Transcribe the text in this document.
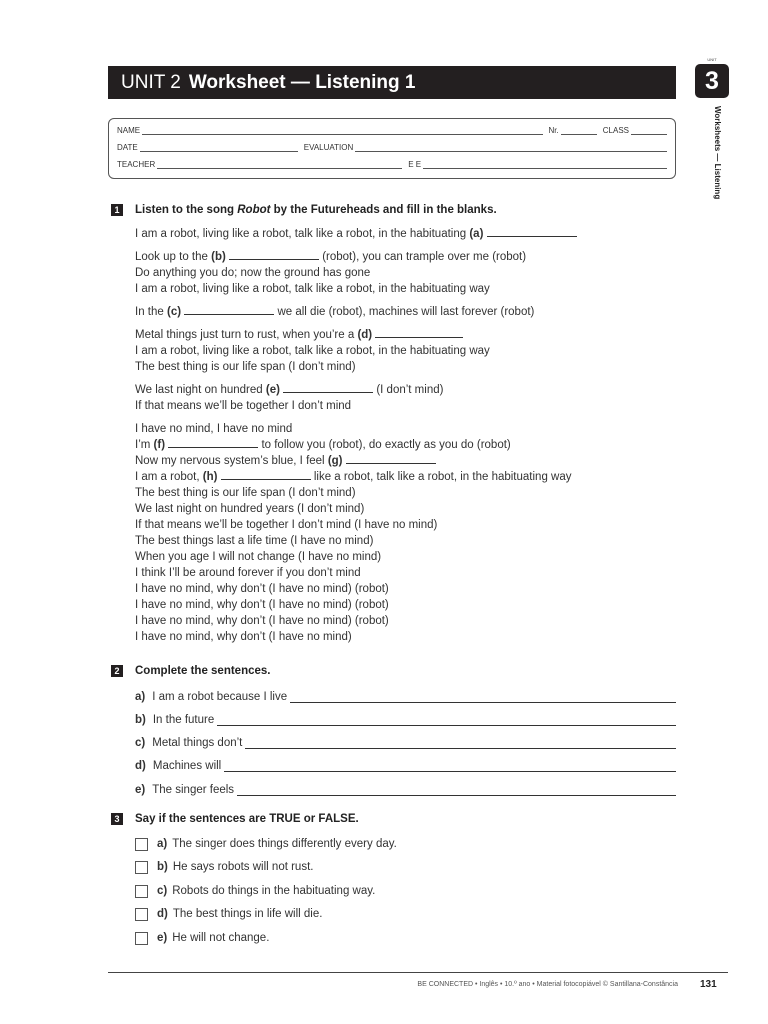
UNIT 2 Worksheet — Listening 1
UNIT
3
Worksheets — Listening
NAME	Nr.	CLASS
DATE	EVALUATION
TEACHER	E E
1	Listen to the song Robot by the Futureheads and fill in the blanks.

I am a robot, living like a robot, talk like a robot, in the habituating (a)

Look up to the (b)	(robot), you can trample over me (robot)

Do anything you do; now the ground has gone

I am a robot, living like a robot, talk like a robot, in the habituating way

In the (c)	we all die (robot), machines will last forever (robot)

Metal things just turn to rust, when you’re a (d)

I am a robot, living like a robot, talk like a robot, in the habituating way

The best thing is our life span (I don’t mind)

We last night on hundred (e)	(I don’t mind)

If that means we’ll be together I don’t mind

I have no mind, I have no mind

I’m (f)	to follow you (robot), do exactly as you do (robot)

Now my nervous system’s blue, I feel (g)

I am a robot, (h)	like a robot, talk like a robot, in the habituating way

The best thing is our life span (I don’t mind)

We last night on hundred years (I don’t mind)

If that means we’ll be together I don’t mind (I have no mind)

The best things last a life time (I have no mind)

When you age I will not change (I have no mind)

I think I’ll be around forever if you don’t mind

I have no mind, why don’t (I have no mind) (robot)

I have no mind, why don’t (I have no mind) (robot)

I have no mind, why don’t (I have no mind) (robot)

I have no mind, why don’t (I have no mind)

2	Complete the sentences.
a) I am a robot because I live
b) In the future
c) Metal things don’t
d) Machines will
e) The singer feels
3	Say if the sentences are TRUE or FALSE.
a) The singer does things differently every day.
b) He says robots will not rust.
c) Robots do things in the habituating way.
d) The best things in life will die.
e) He will not change.
BE CONNECTED • Inglês • 10.º ano • Material fotocopiável © Santillana-Constância 131
